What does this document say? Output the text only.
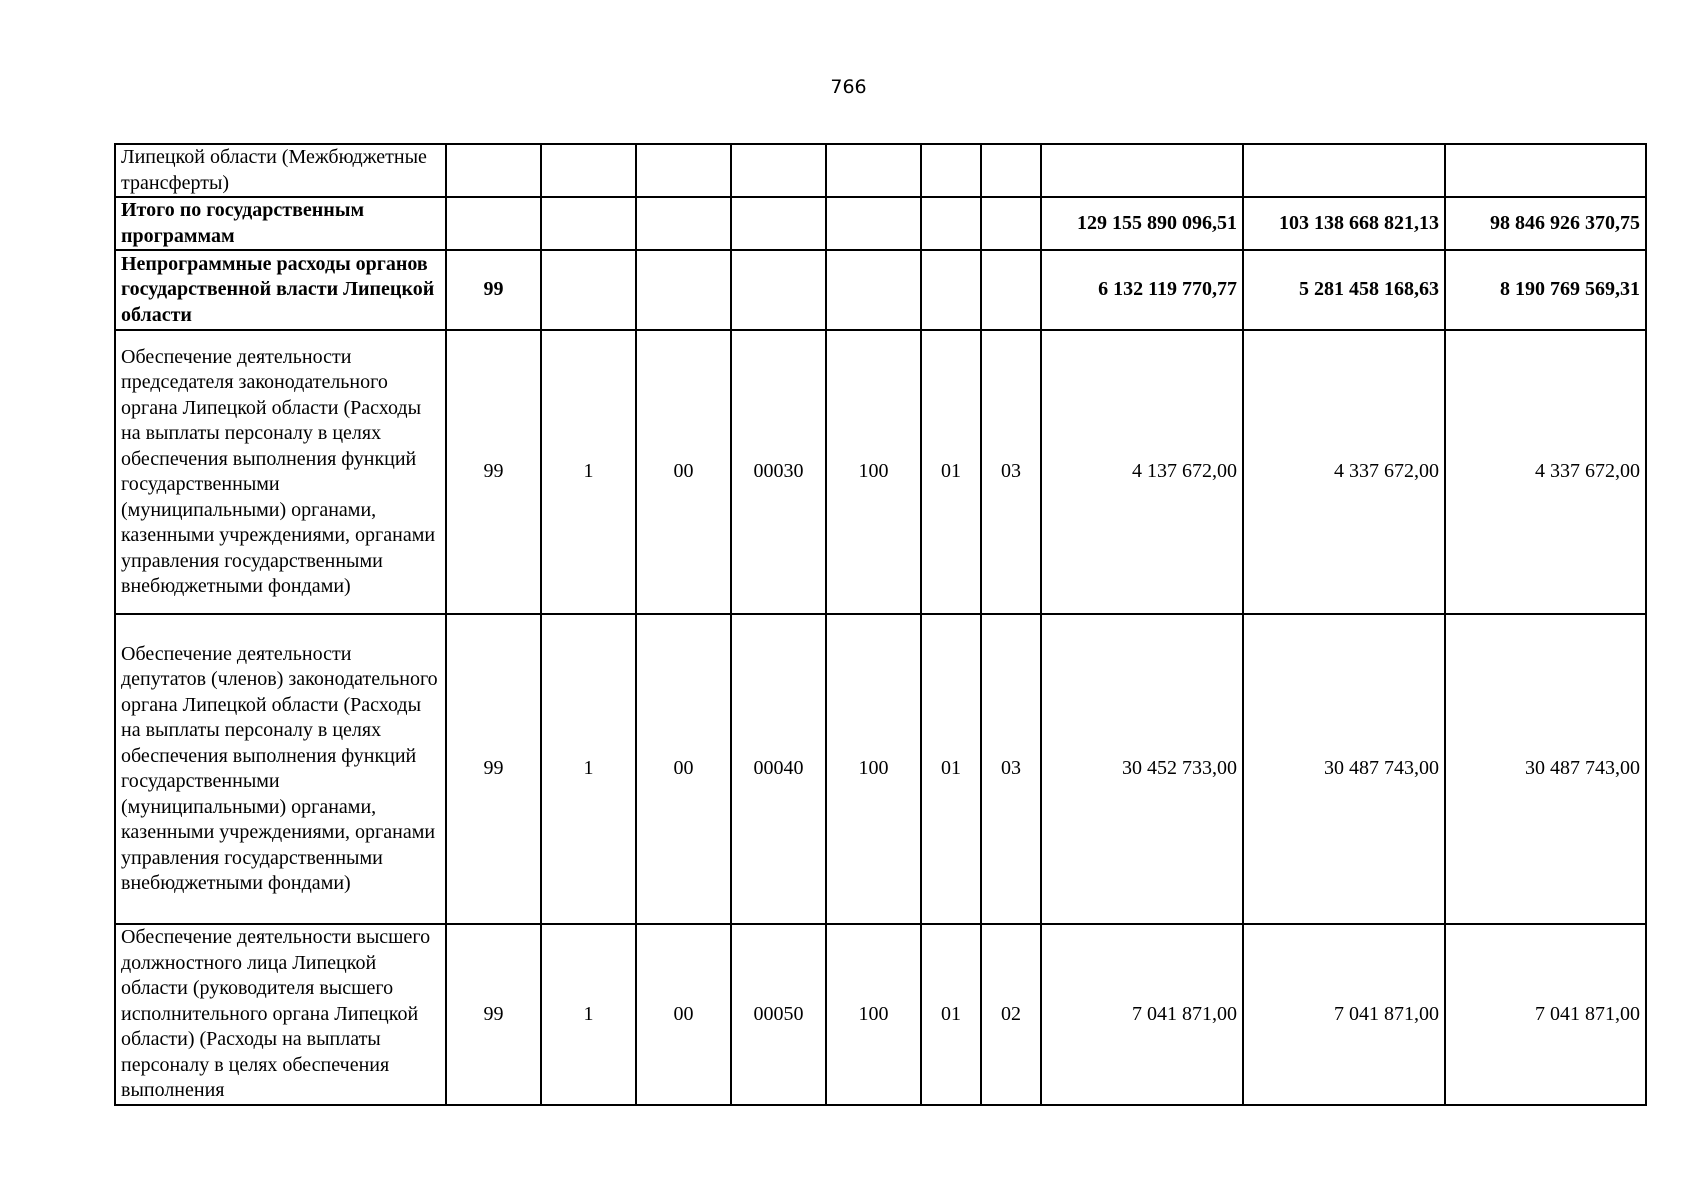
766
Липецкой области (Межбюджетные трансферты)										
Итого по государственным программам								129 155 890 096,51	103 138 668 821,13	98 846 926 370,75
Непрограммные расходы органов государственной власти Липецкой области	99							6 132 119 770,77	5 281 458 168,63	8 190 769 569,31
Обеспечение деятельности председателя законодательного органа Липецкой области (Расходы на выплаты персоналу в целях обеспечения выполнения функций государственными (муниципальными) органами, казенными учреждениями, органами управления государственными внебюджетными фондами)	99	1	00	00030	100	01	03	4 137 672,00	4 337 672,00	4 337 672,00
Обеспечение деятельности депутатов (членов) законодательного органа Липецкой области (Расходы на выплаты персоналу в целях обеспечения выполнения функций государственными (муниципальными) органами, казенными учреждениями, органами управления государственными внебюджетными фондами)	99	1	00	00040	100	01	03	30 452 733,00	30 487 743,00	30 487 743,00
Обеспечение деятельности высшего должностного лица Липецкой области (руководителя высшего исполнительного органа Липецкой области) (Расходы на выплаты персоналу в целях обеспечения выполнения	99	1	00	00050	100	01	02	7 041 871,00	7 041 871,00	7 041 871,00
